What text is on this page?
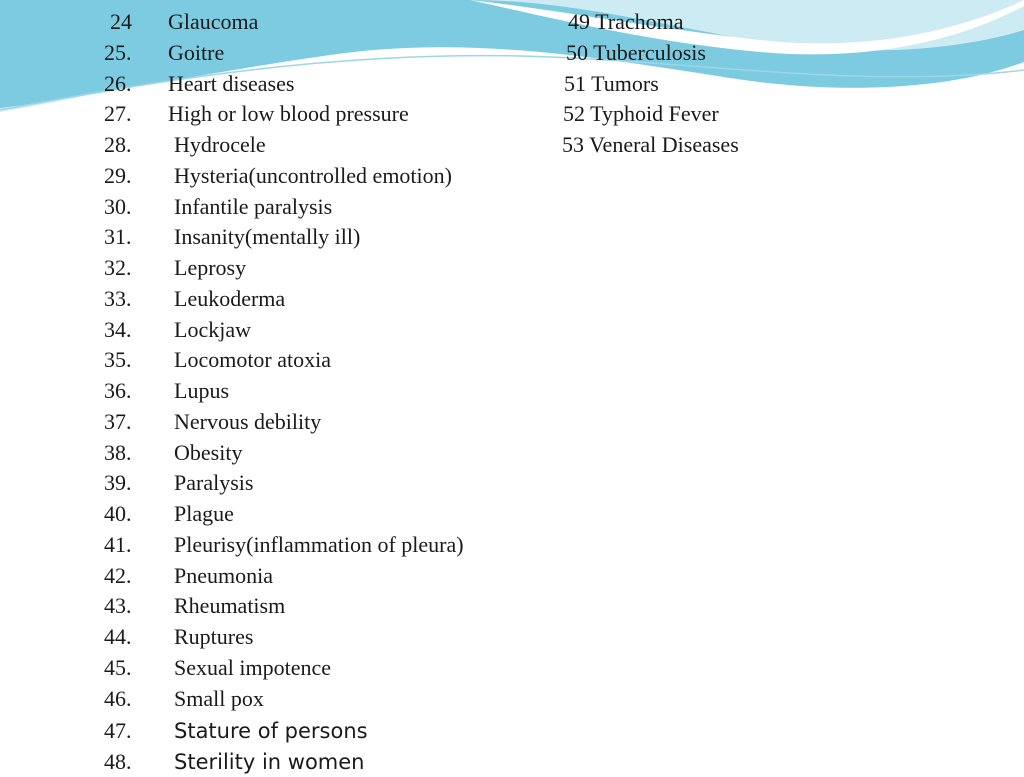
24 Glaucoma
25. Goitre
26. Heart diseases
27. High or low blood pressure
28. Hydrocele
29. Hysteria(uncontrolled emotion)
30. Infantile paralysis
31. Insanity(mentally ill)
32. Leprosy
33. Leukoderma
34. Lockjaw
35. Locomotor atoxia
36. Lupus
37. Nervous debility
38. Obesity
39. Paralysis
40. Plague
41. Pleurisy(inflammation of pleura)
42. Pneumonia
43. Rheumatism
44. Ruptures
45. Sexual impotence
46. Small pox
47. Stature of persons
48. Sterility in women
49 Trachoma
50 Tuberculosis
51 Tumors
52 Typhoid Fever
53 Veneral Diseases
